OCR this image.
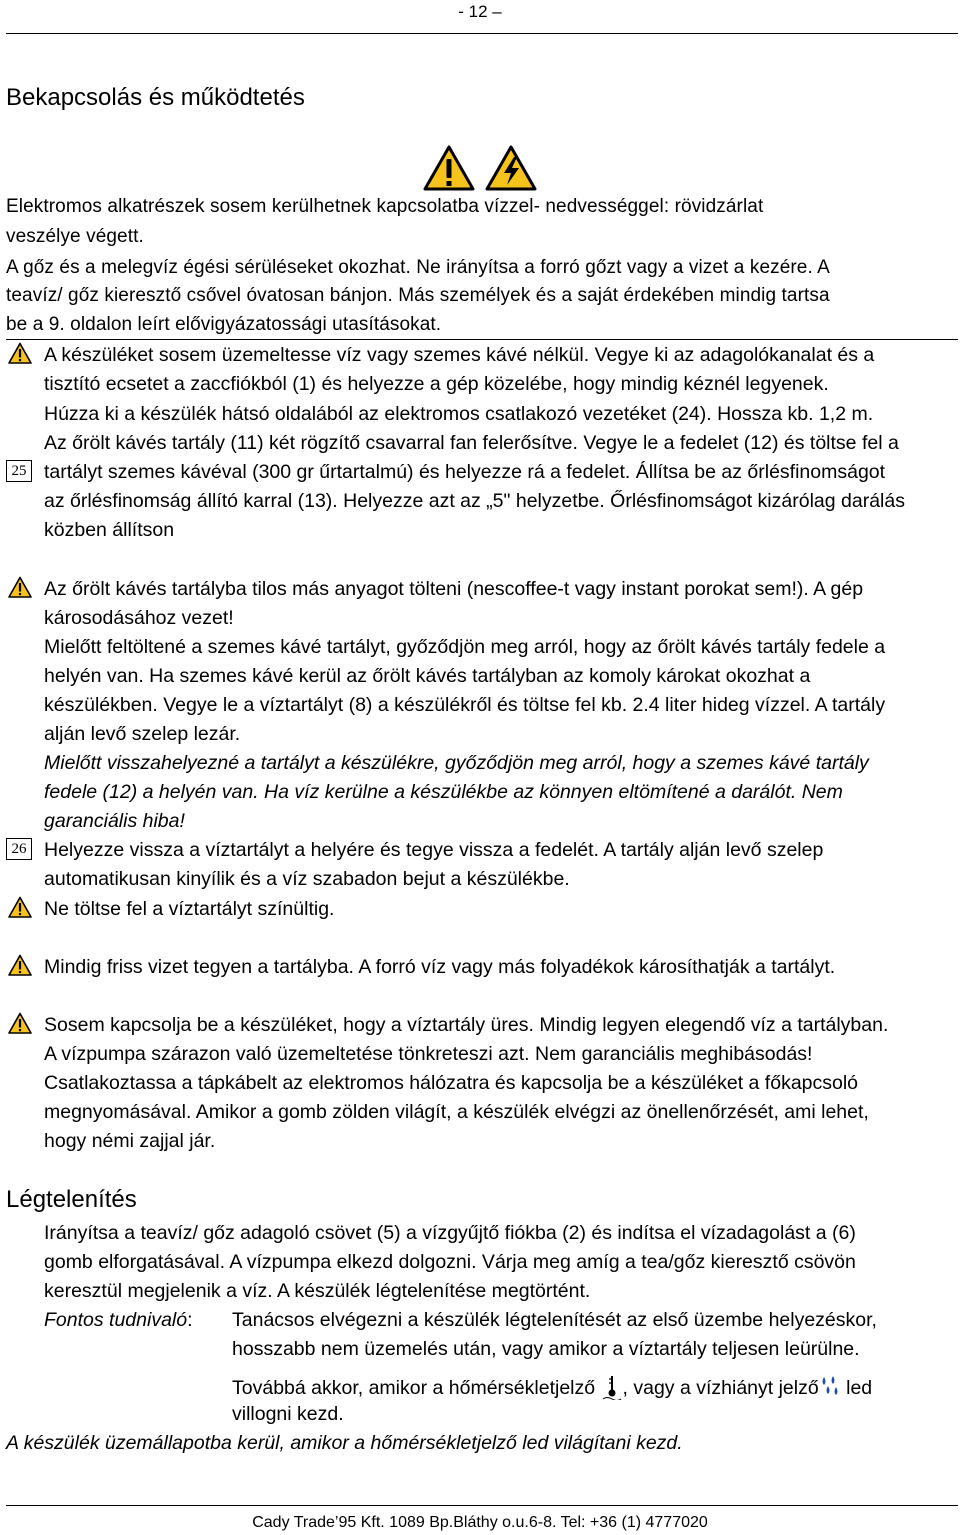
- 12 –
Bekapcsolás és működtetés
Elektromos alkatrészek sosem kerülhetnek kapcsolatba vízzel- nedvességgel: rövidzárlat
veszélye végett.
A gőz és a melegvíz égési sérüléseket okozhat. Ne irányítsa a forró gőzt vagy a vizet a kezére. A
teavíz/ gőz kieresztő csővel óvatosan bánjon. Más személyek és a saját érdekében mindig tartsa
be a 9. oldalon leírt elővigyázatossági utasításokat.
A készüléket sosem üzemeltesse víz vagy szemes kávé nélkül. Vegye ki az adagolókanalat és a
tisztító ecsetet a zaccfiókból (1) és helyezze a gép közelébe, hogy mindig kéznél legyenek.
Húzza ki a készülék hátsó oldalából az elektromos csatlakozó vezetéket (24). Hossza kb. 1,2 m.
25
Az őrölt kávés tartály (11) két rögzítő csavarral fan felerősítve. Vegye le a fedelet (12) és töltse fel a
tartályt szemes kávéval (300 gr űrtartalmú) és helyezze rá a fedelet. Állítsa be az őrlésfinomságot
az őrlésfinomság állító karral (13). Helyezze azt az „5" helyzetbe. Őrlésfinomságot kizárólag darálás
közben állítson
Az őrölt kávés tartályba tilos más anyagot tölteni (nescoffee-t vagy instant porokat sem!). A gép
károsodásához vezet!
Mielőtt feltöltené a szemes kávé tartályt, győződjön meg arról, hogy az őrölt kávés tartály fedele a
helyén van. Ha szemes kávé kerül az őrölt kávés tartályban az komoly károkat okozhat a
készülékben. Vegye le a víztartályt (8) a készülékről és töltse fel kb. 2.4 liter hideg vízzel. A tartály
alján levő szelep lezár.
Mielőtt visszahelyezné a tartályt a készülékre, győződjön meg arról, hogy a szemes kávé tartály
fedele (12) a helyén van. Ha víz kerülne a készülékbe az könnyen eltömítené a darálót. Nem
garanciális hiba!
26 Helyezze vissza a víztartályt a helyére és tegye vissza a fedelét. A tartály alján levő szelep
automatikusan kinyílik és a víz szabadon bejut a készülékbe.
Ne töltse fel a víztartályt színültig.
Mindig friss vizet tegyen a tartályba. A forró víz vagy más folyadékok károsíthatják a tartályt.
Sosem kapcsolja be a készüléket, hogy a víztartály üres. Mindig legyen elegendő víz a tartályban.
A vízpumpa szárazon való üzemeltetése tönkreteszi azt. Nem garanciális meghibásodás!
Csatlakoztassa a tápkábelt az elektromos hálózatra és kapcsolja be a készüléket a főkapcsoló
megnyomásával. Amikor a gomb zölden világít, a készülék elvégzi az önellenőrzését, ami lehet,
hogy némi zajjal jár.
Légtelenítés
Irányítsa a teavíz/ gőz adagoló csövet (5) a vízgyűjtő fiókba (2) és indítsa el vízadagolást a (6)
gomb elforgatásával. A vízpumpa elkezd dolgozni. Várja meg amíg a tea/gőz kieresztő csövön
keresztül megjelenik a víz. A készülék légtelenítése megtörtént.
Fontos tudnivaló: Tanácsos elvégezni a készülék légtelenítését az első üzembe helyezéskor,
hosszabb nem üzemelés után, vagy amikor a víztartály teljesen leürülne.
Továbbá akkor, amikor a hőmérsékletjelző , vagy a vízhiányt jelző led
villogni kezd.
A készülék üzemállapotba kerül, amikor a hőmérsékletjelző led világítani kezd.
Cady Trade’95 Kft. 1089 Bp.Bláthy o.u.6-8. Tel: +36 (1) 4777020
